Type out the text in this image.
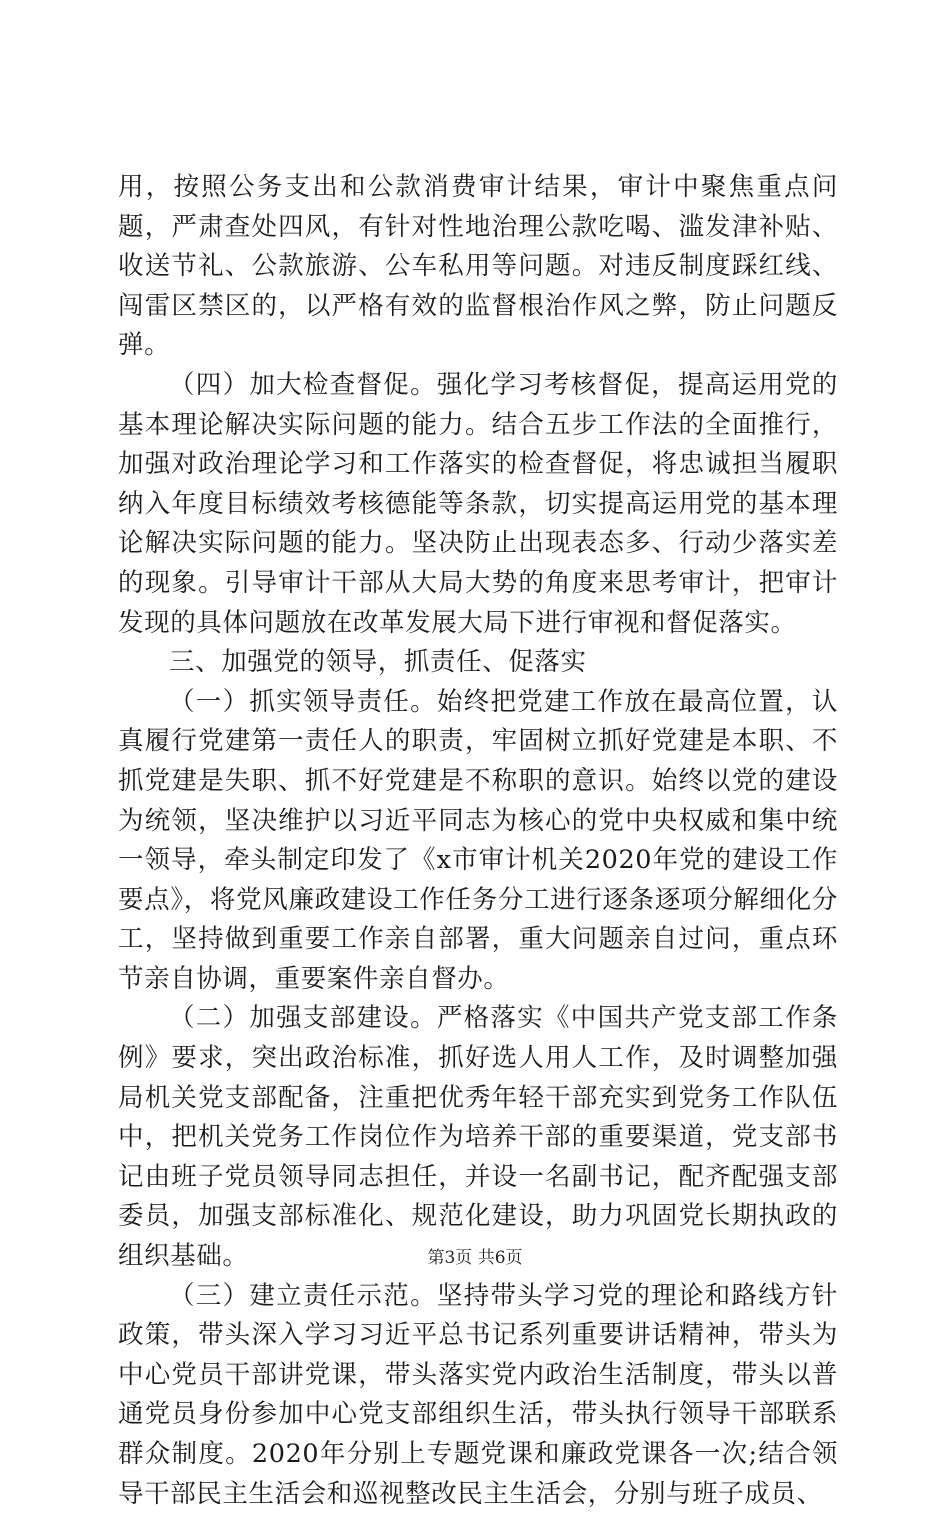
用，按照公务支出和公款消费审计结果，审计中聚焦重点问题，严肃查处四风，有针对性地治理公款吃喝、滥发津补贴、收送节礼、公款旅游、公车私用等问题。对违反制度踩红线、闯雷区禁区的，以严格有效的监督根治作风之弊，防止问题反弹。

（四）加大检查督促。强化学习考核督促，提高运用党的基本理论解决实际问题的能力。结合五步工作法的全面推行，加强对政治理论学习和工作落实的检查督促，将忠诚担当履职纳入年度目标绩效考核德能等条款，切实提高运用党的基本理论解决实际问题的能力。坚决防止出现表态多、行动少落实差的现象。引导审计干部从大局大势的角度来思考审计，把审计发现的具体问题放在改革发展大局下进行审视和督促落实。

三、加强党的领导，抓责任、促落实

（一）抓实领导责任。始终把党建工作放在最高位置，认真履行党建第一责任人的职责，牢固树立抓好党建是本职、不抓党建是失职、抓不好党建是不称职的意识。始终以党的建设为统领，坚决维护以习近平同志为核心的党中央权威和集中统一领导，牵头制定印发了《x市审计机关2020年党的建设工作要点》，将党风廉政建设工作任务分工进行逐条逐项分解细化分工，坚持做到重要工作亲自部署，重大问题亲自过问，重点环节亲自协调，重要案件亲自督办。

（二）加强支部建设。严格落实《中国共产党支部工作条例》要求，突出政治标准，抓好选人用人工作，及时调整加强局机关党支部配备，注重把优秀年轻干部充实到党务工作队伍中，把机关党务工作岗位作为培养干部的重要渠道，党支部书记由班子党员领导同志担任，并设一名副书记，配齐配强支部委员，加强支部标准化、规范化建设，助力巩固党长期执政的组织基础。

（三）建立责任示范。坚持带头学习党的理论和路线方针政策，带头深入学习习近平总书记系列重要讲话精神，带头为中心党员干部讲党课，带头落实党内政治生活制度，带头以普通党员身份参加中心党支部组织生活，带头执行领导干部联系群众制度。2020年分别上专题党课和廉政党课各一次;结合领导干部民主生活会和巡视整改民主生活会，分别与班子成员、

第3页 共6页
